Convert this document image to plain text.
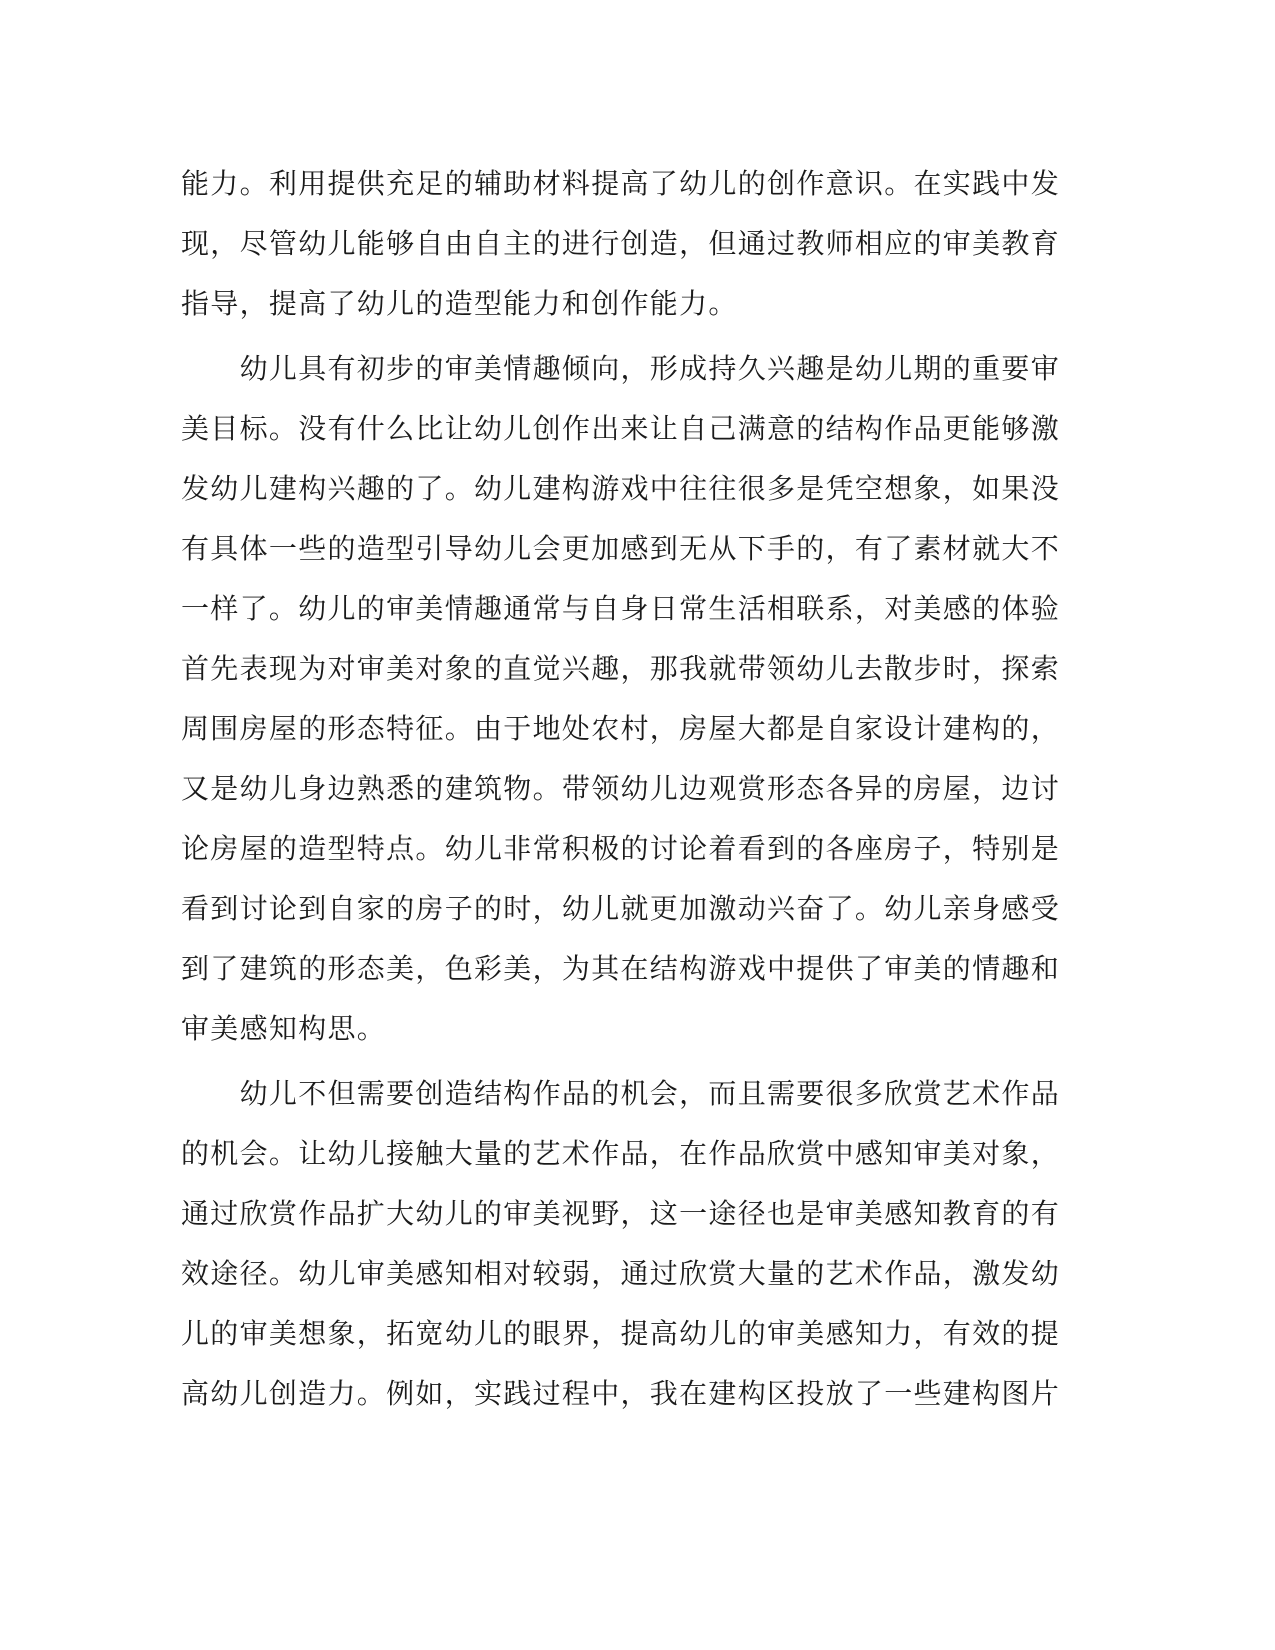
能力。利用提供充足的辅助材料提高了幼儿的创作意识。在实践中发
现，尽管幼儿能够自由自主的进行创造，但通过教师相应的审美教育
指导，提高了幼儿的造型能力和创作能力。
　　幼儿具有初步的审美情趣倾向，形成持久兴趣是幼儿期的重要审
美目标。没有什么比让幼儿创作出来让自己满意的结构作品更能够激
发幼儿建构兴趣的了。幼儿建构游戏中往往很多是凭空想象，如果没
有具体一些的造型引导幼儿会更加感到无从下手的，有了素材就大不
一样了。幼儿的审美情趣通常与自身日常生活相联系，对美感的体验
首先表现为对审美对象的直觉兴趣，那我就带领幼儿去散步时，探索
周围房屋的形态特征。由于地处农村，房屋大都是自家设计建构的，
又是幼儿身边熟悉的建筑物。带领幼儿边观赏形态各异的房屋，边讨
论房屋的造型特点。幼儿非常积极的讨论着看到的各座房子，特别是
看到讨论到自家的房子的时，幼儿就更加激动兴奋了。幼儿亲身感受
到了建筑的形态美，色彩美，为其在结构游戏中提供了审美的情趣和
审美感知构思。
　　幼儿不但需要创造结构作品的机会，而且需要很多欣赏艺术作品
的机会。让幼儿接触大量的艺术作品，在作品欣赏中感知审美对象，
通过欣赏作品扩大幼儿的审美视野，这一途径也是审美感知教育的有
效途径。幼儿审美感知相对较弱，通过欣赏大量的艺术作品，激发幼
儿的审美想象，拓宽幼儿的眼界，提高幼儿的审美感知力，有效的提
高幼儿创造力。例如，实践过程中，我在建构区投放了一些建构图片
